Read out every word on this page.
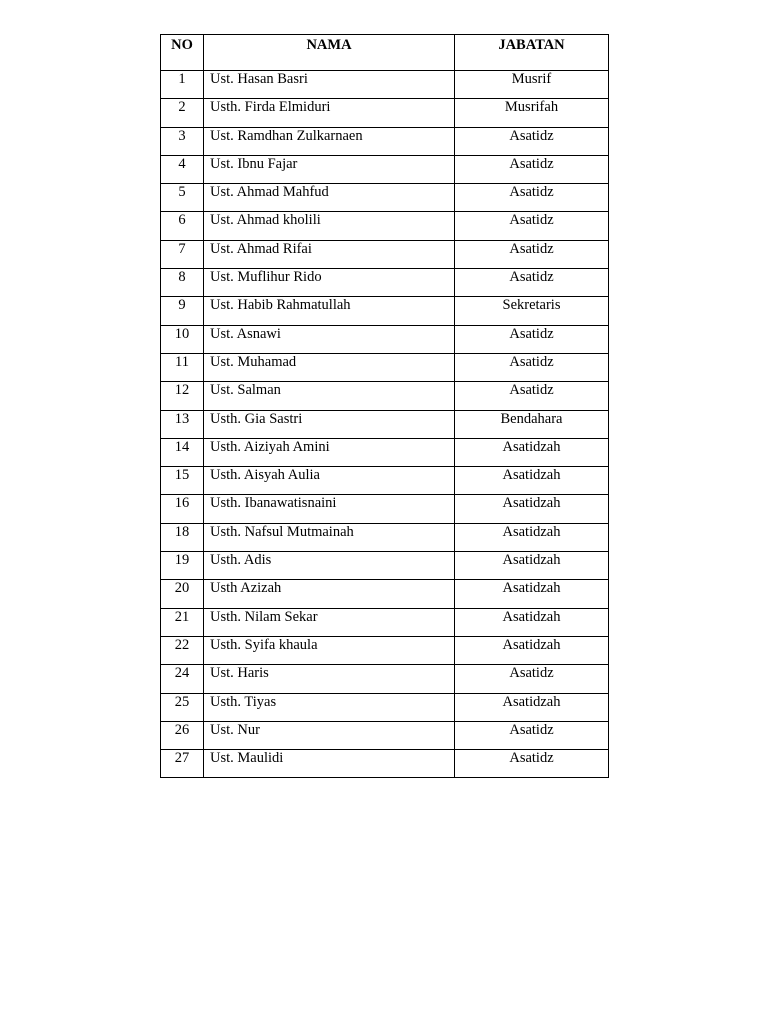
NO	NAMA	JABATAN
1	Ust. Hasan Basri	Musrif
2	Usth. Firda Elmiduri	Musrifah
3	Ust. Ramdhan Zulkarnaen	Asatidz
4	Ust. Ibnu Fajar	Asatidz
5	Ust. Ahmad Mahfud	Asatidz
6	Ust. Ahmad kholili	Asatidz
7	Ust. Ahmad Rifai	Asatidz
8	Ust. Muflihur Rido	Asatidz
9	Ust. Habib Rahmatullah	Sekretaris
10	Ust. Asnawi	Asatidz
11	Ust. Muhamad	Asatidz
12	Ust. Salman	Asatidz
13	Usth. Gia Sastri	Bendahara
14	Usth. Aiziyah Amini	Asatidzah
15	Usth. Aisyah Aulia	Asatidzah
16	Usth. Ibanawatisnaini	Asatidzah
18	Usth. Nafsul Mutmainah	Asatidzah
19	Usth. Adis	Asatidzah
20	Usth Azizah	Asatidzah
21	Usth. Nilam Sekar	Asatidzah
22	Usth. Syifa khaula	Asatidzah
24	Ust. Haris	Asatidz
25	Usth. Tiyas	Asatidzah
26	Ust. Nur	Asatidz
27	Ust. Maulidi	Asatidz
